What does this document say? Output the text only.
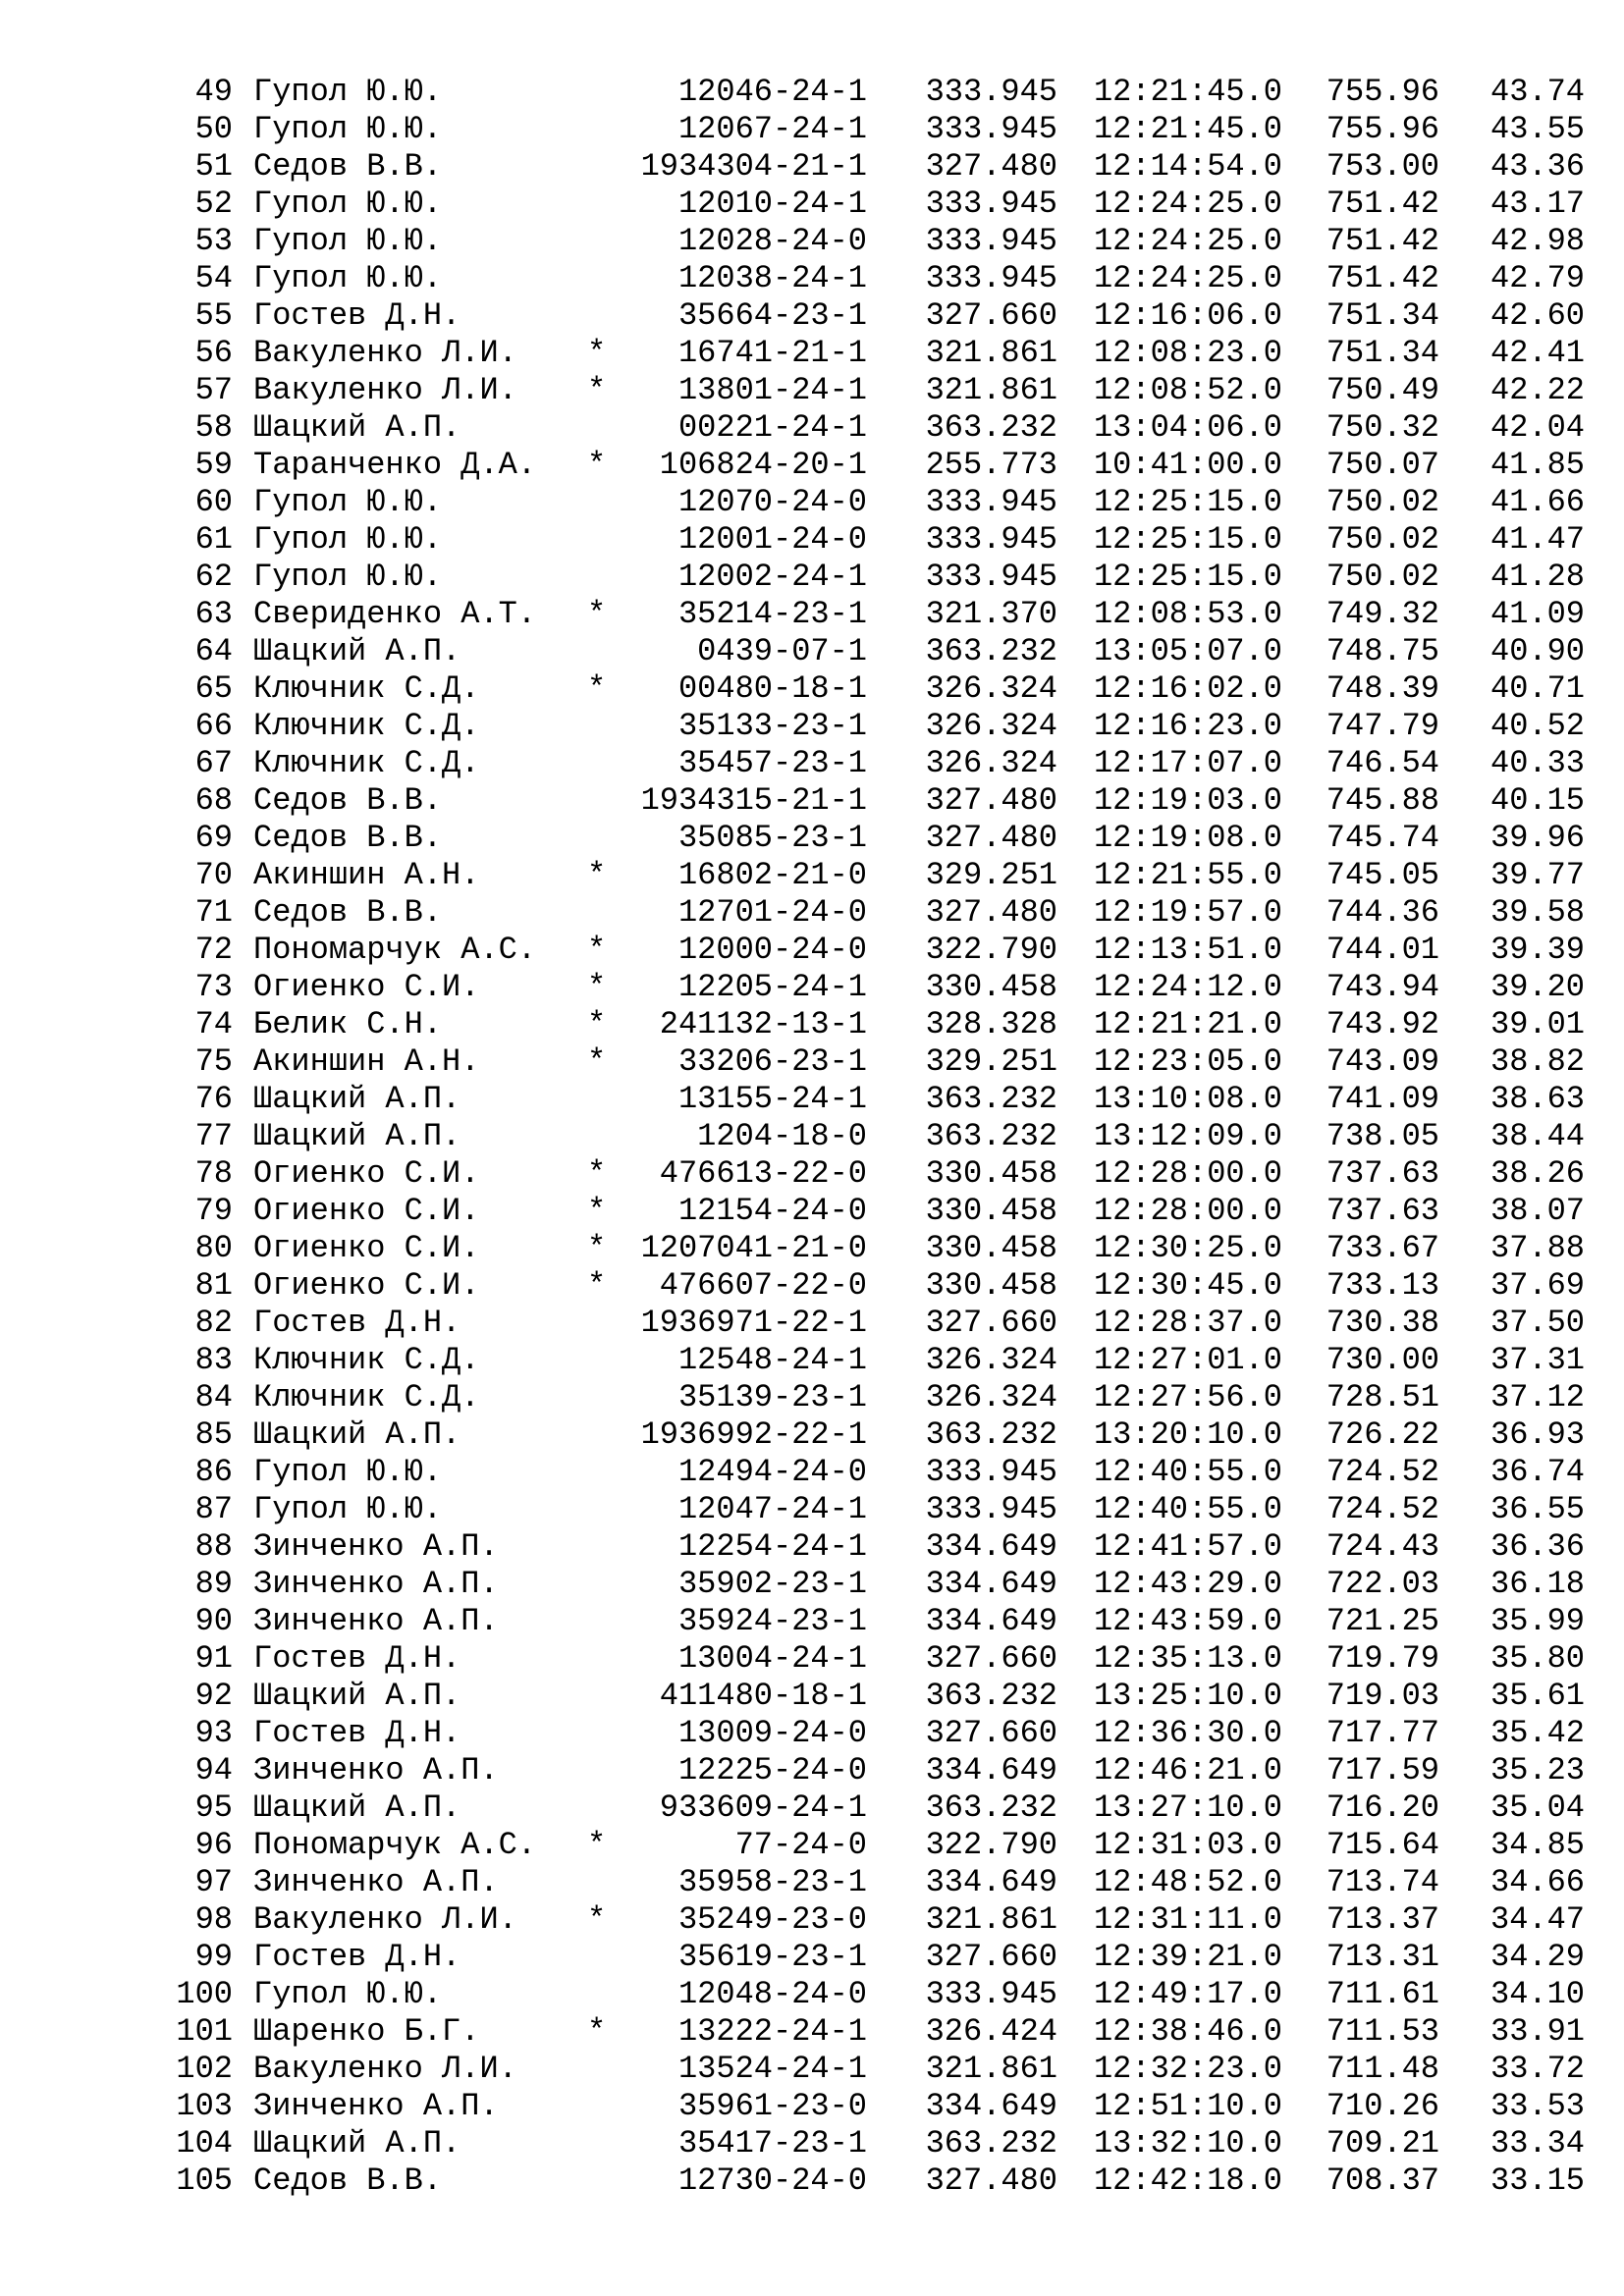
49 Гупол Ю.Ю.	12046-24-1 333.945 12:21:45.0 755.96 43.74
50 Гупол Ю.Ю.	12067-24-1 333.945 12:21:45.0 755.96 43.55
51 Седов В.В.	1934304-21-1 327.480 12:14:54.0 753.00 43.36
52 Гупол Ю.Ю.	12010-24-1 333.945 12:24:25.0 751.42 43.17
53 Гупол Ю.Ю.	12028-24-0 333.945 12:24:25.0 751.42 42.98
54 Гупол Ю.Ю.	12038-24-1 333.945 12:24:25.0 751.42 42.79
55 Гостев Д.Н.	35664-23-1 327.660 12:16:06.0 751.34 42.60
56 Вакуленко Л.И. * 16741-21-1 321.861 12:08:23.0 751.34 42.41
57 Вакуленко Л.И. * 13801-24-1 321.861 12:08:52.0 750.49 42.22
58 Шацкий А.П.	00221-24-1 363.232 13:04:06.0 750.32 42.04
59 Таранченко Д.А. * 106824-20-1 255.773 10:41:00.0 750.07 41.85
60 Гупол Ю.Ю.	12070-24-0 333.945 12:25:15.0 750.02 41.66
61 Гупол Ю.Ю.	12001-24-0 333.945 12:25:15.0 750.02 41.47
62 Гупол Ю.Ю.	12002-24-1 333.945 12:25:15.0 750.02 41.28
63 Свериденко А.Т. * 35214-23-1 321.370 12:08:53.0 749.32 41.09
64 Шацкий А.П.	0439-07-1 363.232 13:05:07.0 748.75 40.90
65 Ключник С.Д.	* 00480-18-1 326.324 12:16:02.0 748.39 40.71
66 Ключник С.Д.	35133-23-1 326.324 12:16:23.0 747.79 40.52
67 Ключник С.Д.	35457-23-1 326.324 12:17:07.0 746.54 40.33
68 Седов В.В.	1934315-21-1 327.480 12:19:03.0 745.88 40.15
69 Седов В.В.	35085-23-1 327.480 12:19:08.0 745.74 39.96
70 Акиншин А.Н.	* 16802-21-0 329.251 12:21:55.0 745.05 39.77
71 Седов В.В.	12701-24-0 327.480 12:19:57.0 744.36 39.58
72 Пономарчук А.С. * 12000-24-0 322.790 12:13:51.0 744.01 39.39
73 Огиенко С.И.	* 12205-24-1 330.458 12:24:12.0 743.94 39.20
74 Белик С.Н.	* 241132-13-1 328.328 12:21:21.0 743.92 39.01
75 Акиншин А.Н.	* 33206-23-1 329.251 12:23:05.0 743.09 38.82
76 Шацкий А.П.	13155-24-1 363.232 13:10:08.0 741.09 38.63
77 Шацкий А.П.	1204-18-0 363.232 13:12:09.0 738.05 38.44
78 Огиенко С.И.	* 476613-22-0 330.458 12:28:00.0 737.63 38.26
79 Огиенко С.И.	* 12154-24-0 330.458 12:28:00.0 737.63 38.07
80 Огиенко С.И.	* 1207041-21-0 330.458 12:30:25.0 733.67 37.88
81 Огиенко С.И.	* 476607-22-0 330.458 12:30:45.0 733.13 37.69
82 Гостев Д.Н.	1936971-22-1 327.660 12:28:37.0 730.38 37.50
83 Ключник С.Д.	12548-24-1 326.324 12:27:01.0 730.00 37.31
84 Ключник С.Д.	35139-23-1 326.324 12:27:56.0 728.51 37.12
85 Шацкий А.П.	1936992-22-1 363.232 13:20:10.0 726.22 36.93
86 Гупол Ю.Ю.	12494-24-0 333.945 12:40:55.0 724.52 36.74
87 Гупол Ю.Ю.	12047-24-1 333.945 12:40:55.0 724.52 36.55
88 Зинченко А.П.	12254-24-1 334.649 12:41:57.0 724.43 36.36
89 Зинченко А.П.	35902-23-1 334.649 12:43:29.0 722.03 36.18
90 Зинченко А.П.	35924-23-1 334.649 12:43:59.0 721.25 35.99
91 Гостев Д.Н.	13004-24-1 327.660 12:35:13.0 719.79 35.80
92 Шацкий А.П.	411480-18-1 363.232 13:25:10.0 719.03 35.61
93 Гостев Д.Н.	13009-24-0 327.660 12:36:30.0 717.77 35.42
94 Зинченко А.П.	12225-24-0 334.649 12:46:21.0 717.59 35.23
95 Шацкий А.П.	933609-24-1 363.232 13:27:10.0 716.20 35.04
96 Пономарчук А.С. *	77-24-0 322.790 12:31:03.0 715.64 34.85
97 Зинченко А.П.	35958-23-1 334.649 12:48:52.0 713.74 34.66
98 Вакуленко Л.И. * 35249-23-0 321.861 12:31:11.0 713.37 34.47
99 Гостев Д.Н.	35619-23-1 327.660 12:39:21.0 713.31 34.29
100 Гупол Ю.Ю.	12048-24-0 333.945 12:49:17.0 711.61 34.10
101 Шаренко Б.Г.	* 13222-24-1 326.424 12:38:46.0 711.53 33.91
102 Вакуленко Л.И.	13524-24-1 321.861 12:32:23.0 711.48 33.72
103 Зинченко А.П.	35961-23-0 334.649 12:51:10.0 710.26 33.53
104 Шацкий А.П.	35417-23-1 363.232 13:32:10.0 709.21 33.34
105 Седов В.В.	12730-24-0 327.480 12:42:18.0 708.37 33.15
